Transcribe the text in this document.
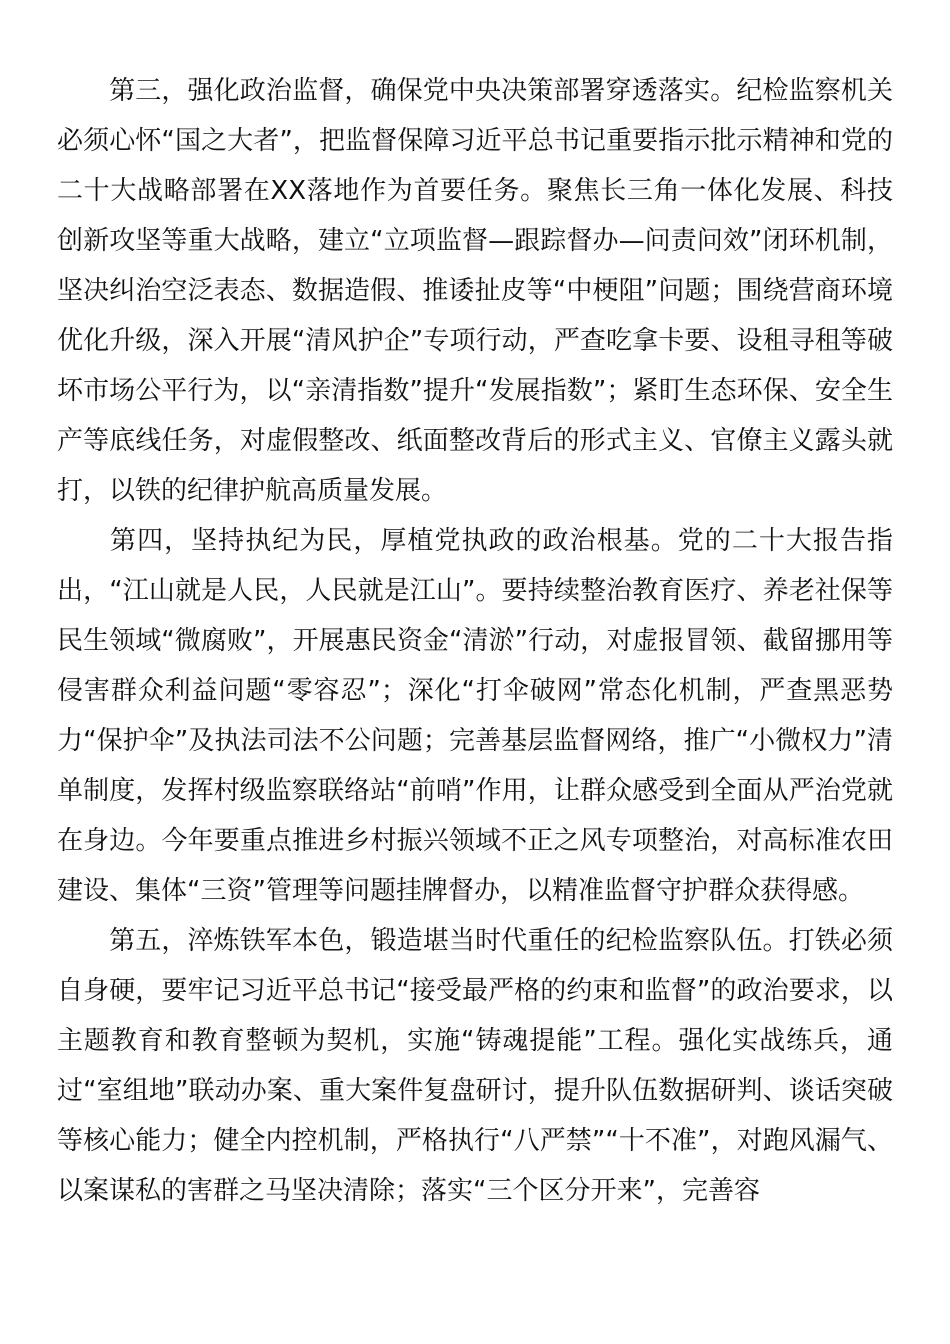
第三，强化政治监督，确保党中央决策部署穿透落实。纪检监察机关必须心怀“国之大者”，把监督保障习近平总书记重要指示批示精神和党的二十大战略部署在XX落地作为首要任务。聚焦长三角一体化发展、科技创新攻坚等重大战略，建立“立项监督—跟踪督办—问责问效”闭环机制，坚决纠治空泛表态、数据造假、推诿扯皮等“中梗阻”问题；围绕营商环境优化升级，深入开展“清风护企”专项行动，严查吃拿卡要、设租寻租等破坏市场公平行为，以“亲清指数”提升“发展指数”；紧盯生态环保、安全生产等底线任务，对虚假整改、纸面整改背后的形式主义、官僚主义露头就打，以铁的纪律护航高质量发展。

第四，坚持执纪为民，厚植党执政的政治根基。党的二十大报告指出，“江山就是人民，人民就是江山”。要持续整治教育医疗、养老社保等民生领域“微腐败”，开展惠民资金“清淤”行动，对虚报冒领、截留挪用等侵害群众利益问题“零容忍”；深化“打伞破网”常态化机制，严查黑恶势力“保护伞”及执法司法不公问题；完善基层监督网络，推广“小微权力”清单制度，发挥村级监察联络站“前哨”作用，让群众感受到全面从严治党就在身边。今年要重点推进乡村振兴领域不正之风专项整治，对高标准农田建设、集体“三资”管理等问题挂牌督办，以精准监督守护群众获得感。

第五，淬炼铁军本色，锻造堪当时代重任的纪检监察队伍。打铁必须自身硬，要牢记习近平总书记“接受最严格的约束和监督”的政治要求，以主题教育和教育整顿为契机，实施“铸魂提能”工程。强化实战练兵，通过“室组地”联动办案、重大案件复盘研讨，提升队伍数据研判、谈话突破等核心能力；健全内控机制，严格执行“八严禁”“十不准”，对跑风漏气、以案谋私的害群之马坚决清除；落实“三个区分开来”，完善容
